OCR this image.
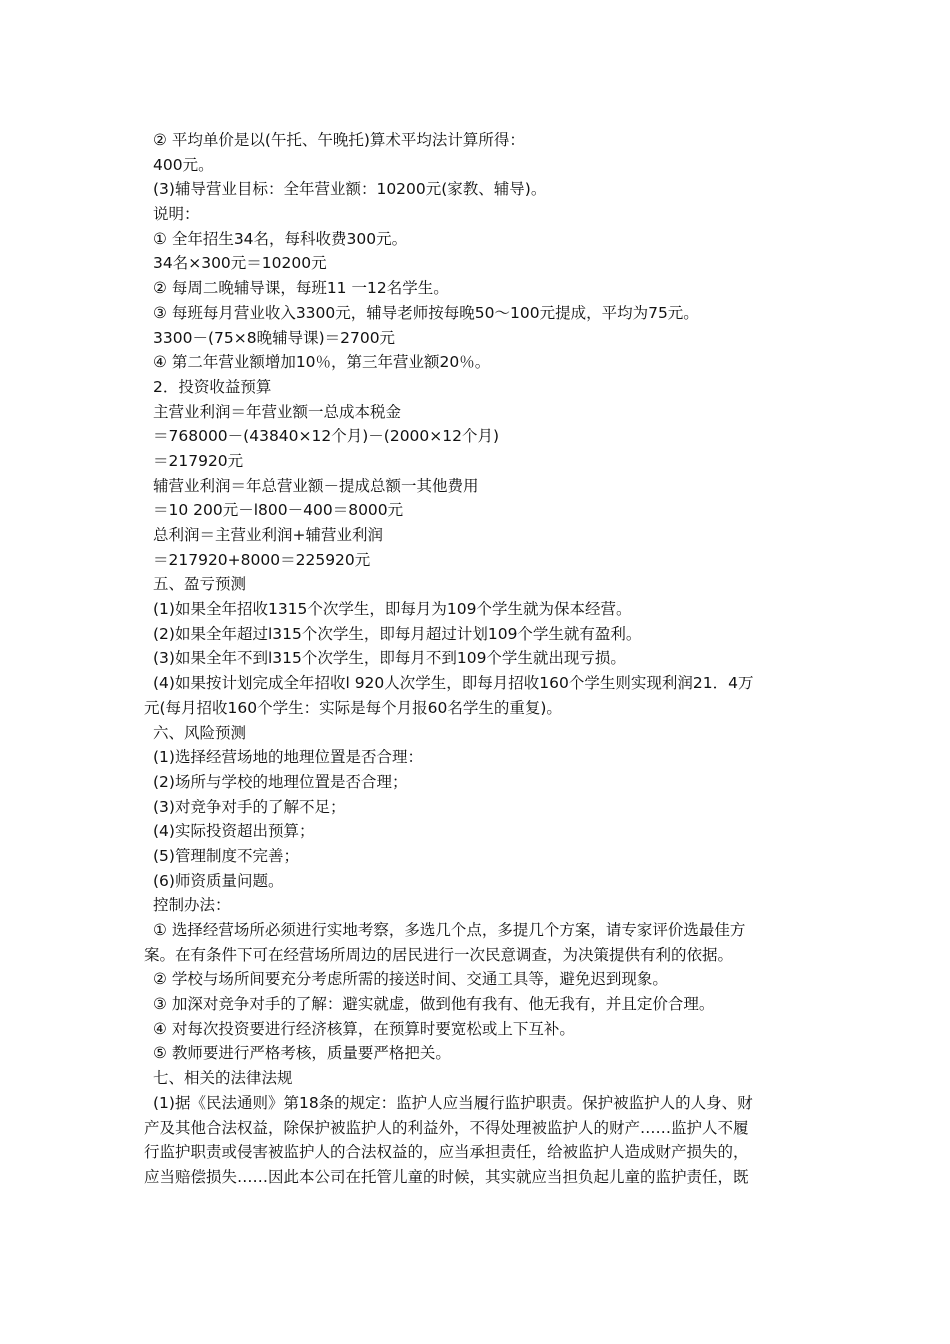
② 平均单价是以(午托、午晚托)算术平均法计算所得：
400元。
(3)辅导营业目标：全年营业额：10200元(家教、辅导)。
说明：
① 全年招生34名，每科收费300元。
34名×300元＝10200元
② 每周二晚辅导课，每班11 一12名学生。
③ 每班每月营业收入3300元，辅导老师按每晚50～100元提成，平均为75元。
3300－(75×8晚辅导课)＝2700元
④ 第二年营业额增加10％，第三年营业额20％。
2．投资收益预算
主营业利润＝年营业额一总成本税金
＝768000－(43840×12个月)－(2000×12个月)
＝217920元
辅营业利润＝年总营业额－提成总额一其他费用
＝10 200元－l800－400＝8000元
总利润＝主营业利润+辅营业利润
＝217920+8000＝225920元
五、盈亏预测
(1)如果全年招收1315个次学生，即每月为109个学生就为保本经营。
(2)如果全年超过l315个次学生，即每月超过计划109个学生就有盈利。
(3)如果全年不到l315个次学生，即每月不到109个学生就出现亏损。
(4)如果按计划完成全年招收l 920人次学生，即每月招收160个学生则实现利润21．4万
元(每月招收160个学生：实际是每个月报60名学生的重复)。
六、风险预测
(1)选择经营场地的地理位置是否合理：
(2)场所与学校的地理位置是否合理；
(3)对竞争对手的了解不足；
(4)实际投资超出预算；
(5)管理制度不完善；
(6)师资质量问题。
控制办法：
① 选择经营场所必须进行实地考察，多选几个点，多提几个方案，请专家评价选最佳方
案。在有条件下可在经营场所周边的居民进行一次民意调查，为决策提供有利的依据。
② 学校与场所间要充分考虑所需的接送时间、交通工具等，避免迟到现象。
③ 加深对竞争对手的了解：避实就虚，做到他有我有、他无我有，并且定价合理。
④ 对每次投资要进行经济核算，在预算时要宽松或上下互补。
⑤ 教师要进行严格考核，质量要严格把关。
七、相关的法律法规
(1)据《民法通则》第18条的规定：监护人应当履行监护职责。保护被监护人的人身、财
产及其他合法权益，除保护被监护人的利益外，不得处理被监护人的财产……监护人不履
行监护职责或侵害被监护人的合法权益的，应当承担责任，给被监护人造成财产损失的，
应当赔偿损失……因此本公司在托管儿童的时候，其实就应当担负起儿童的监护责任，既
